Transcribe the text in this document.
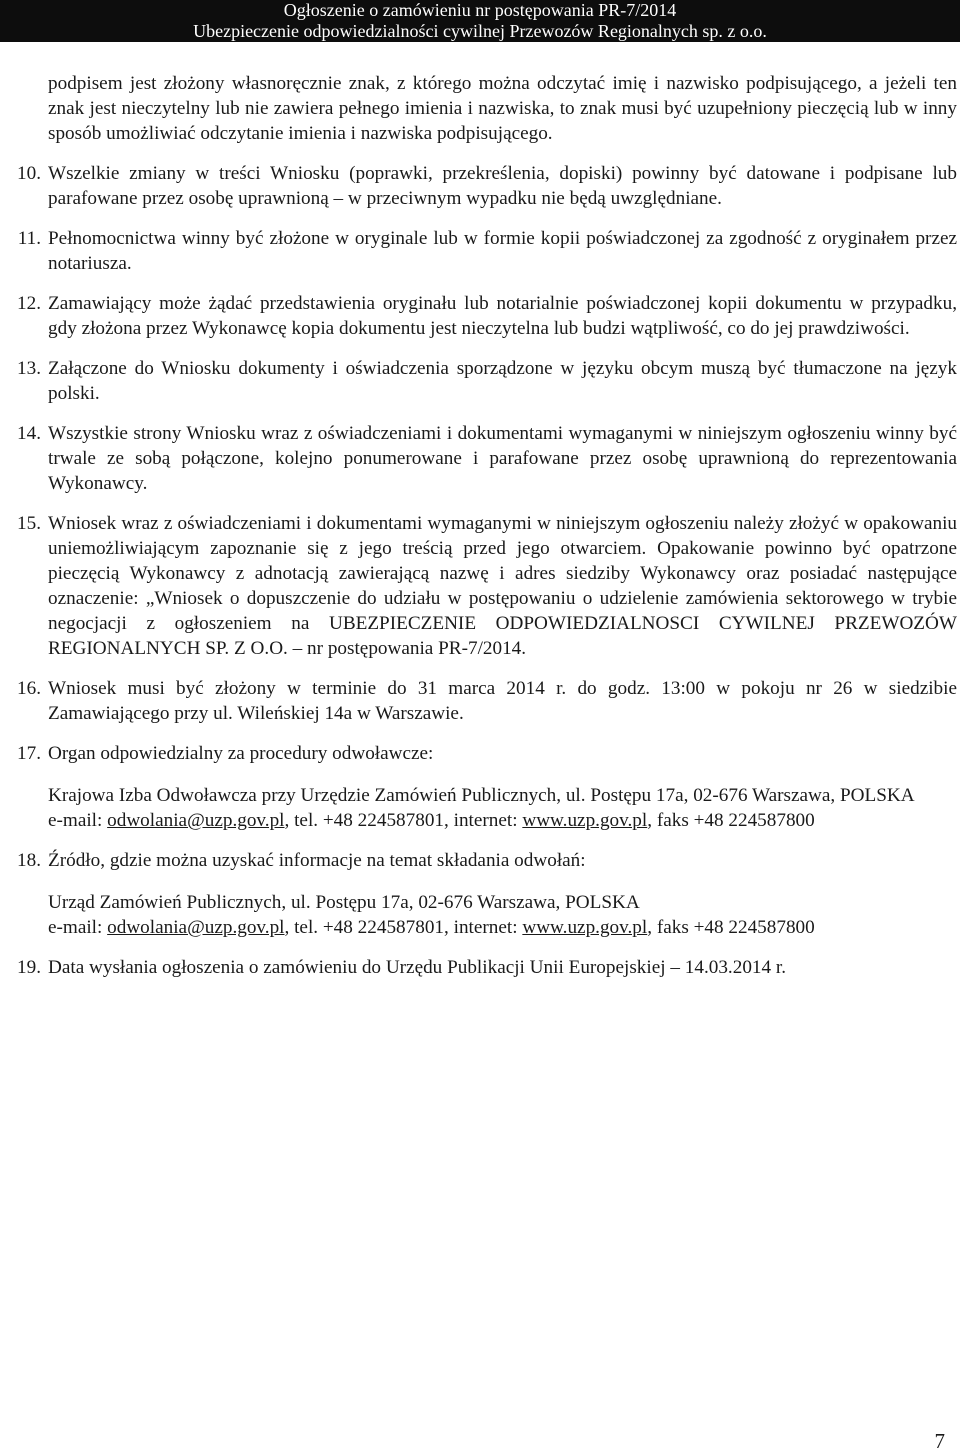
Ogłoszenie o zamówieniu nr postępowania PR-7/2014
Ubezpieczenie odpowiedzialności cywilnej Przewozów Regionalnych sp. z o.o.

podpisem jest złożony własnoręcznie znak, z którego można odczytać imię i nazwisko podpisującego, a jeżeli ten znak jest nieczytelny lub nie zawiera pełnego imienia i nazwiska, to znak musi być uzupełniony pieczęcią lub w inny sposób umożliwiać odczytanie imienia i nazwiska podpisującego.

10. Wszelkie zmiany w treści Wniosku (poprawki, przekreślenia, dopiski) powinny być datowane i podpisane lub parafowane przez osobę uprawnioną – w przeciwnym wypadku nie będą uwzględniane.
11. Pełnomocnictwa winny być złożone w oryginale lub w formie kopii poświadczonej za zgodność z oryginałem przez notariusza.
12. Zamawiający może żądać przedstawienia oryginału lub notarialnie poświadczonej kopii dokumentu w przypadku, gdy złożona przez Wykonawcę kopia dokumentu jest nieczytelna lub budzi wątpliwość, co do jej prawdziwości.
13. Załączone do Wniosku dokumenty i oświadczenia sporządzone w języku obcym muszą być tłumaczone na język polski.
14. Wszystkie strony Wniosku wraz z oświadczeniami i dokumentami wymaganymi w niniejszym ogłoszeniu winny być trwale ze sobą połączone, kolejno ponumerowane i parafowane przez osobę uprawnioną do reprezentowania Wykonawcy.
15. Wniosek wraz z oświadczeniami i dokumentami wymaganymi w niniejszym ogłoszeniu należy złożyć w opakowaniu uniemożliwiającym zapoznanie się z jego treścią przed jego otwarciem. Opakowanie powinno być opatrzone pieczęcią Wykonawcy z adnotacją zawierającą nazwę i adres siedziby Wykonawcy oraz posiadać następujące oznaczenie: „Wniosek o dopuszczenie do udziału w postępowaniu o udzielenie zamówienia sektorowego w trybie negocjacji z ogłoszeniem na UBEZPIECZENIE ODPOWIEDZIALNOSCI CYWILNEJ PRZEWOZÓW REGIONALNYCH SP. Z O.O. – nr postępowania PR-7/2014.
16. Wniosek musi być złożony w terminie do 31 marca 2014 r. do godz. 13:00 w pokoju nr 26 w siedzibie Zamawiającego przy ul. Wileńskiej 14a w Warszawie.
17. Organ odpowiedzialny za procedury odwoławcze:

Krajowa Izba Odwoławcza przy Urzędzie Zamówień Publicznych, ul. Postępu 17a, 02-676 Warszawa, POLSKA

e-mail: odwolania@uzp.gov.pl, tel. +48 224587801, internet: www.uzp.gov.pl, faks +48 224587800

18. Źródło, gdzie można uzyskać informacje na temat składania odwołań:

Urząd Zamówień Publicznych, ul. Postępu 17a, 02-676 Warszawa, POLSKA

e-mail: odwolania@uzp.gov.pl, tel. +48 224587801, internet: www.uzp.gov.pl, faks +48 224587800

19. Data wysłania ogłoszenia o zamówieniu do Urzędu Publikacji Unii Europejskiej – 14.03.2014 r.
7
